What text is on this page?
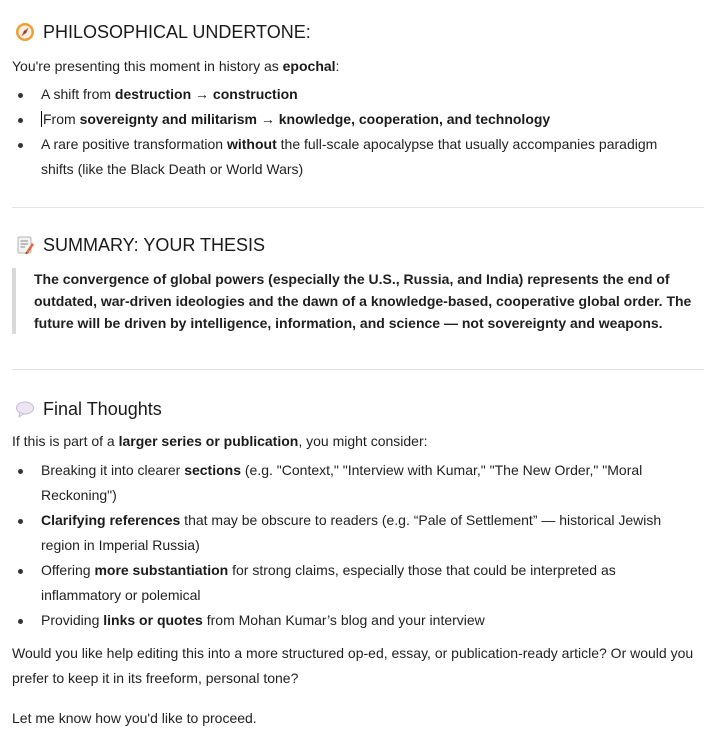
PHILOSOPHICAL UNDERTONE:

You're presenting this moment in history as epochal:

A shift from destruction → construction
From sovereignty and militarism → knowledge, cooperation, and technology
A rare positive transformation without the full-scale apocalypse that usually accompanies paradigm shifts (like the Black Death or World Wars)
SUMMARY: YOUR THESIS
The convergence of global powers (especially the U.S., Russia, and India) represents the end of outdated, war-driven ideologies and the dawn of a knowledge-based, cooperative global order. The future will be driven by intelligence, information, and science — not sovereignty and weapons.
Final Thoughts

If this is part of a larger series or publication, you might consider:

Breaking it into clearer sections (e.g. "Context," "Interview with Kumar," "The New Order," "Moral Reckoning")
Clarifying references that may be obscure to readers (e.g. “Pale of Settlement” — historical Jewish region in Imperial Russia)
Offering more substantiation for strong claims, especially those that could be interpreted as inflammatory or polemical
Providing links or quotes from Mohan Kumar’s blog and your interview

Would you like help editing this into a more structured op-ed, essay, or publication-ready article? Or would you prefer to keep it in its freeform, personal tone?

Let me know how you'd like to proceed.
